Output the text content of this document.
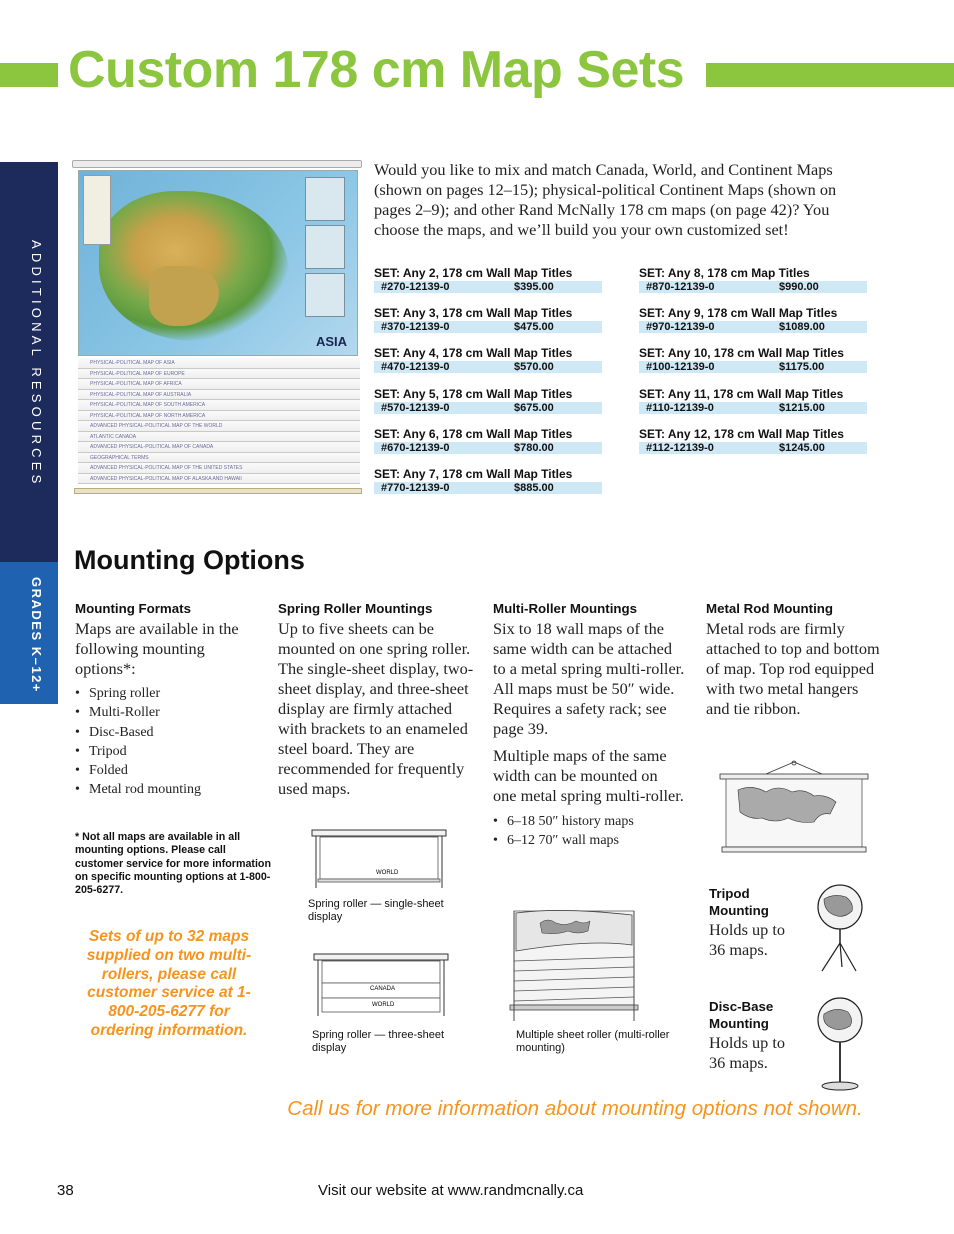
Custom 178 cm Map Sets
ADDITIONAL RESOURCES
GRADES K–12+
ASIA
PHYSICAL-POLITICAL MAP OF ASIA
PHYSICAL-POLITICAL MAP OF EUROPE
PHYSICAL-POLITICAL MAP OF AFRICA
PHYSICAL-POLITICAL MAP OF AUSTRALIA
PHYSICAL-POLITICAL MAP OF SOUTH AMERICA
PHYSICAL-POLITICAL MAP OF NORTH AMERICA
ADVANCED PHYSICAL-POLITICAL MAP OF THE WORLD
ATLANTIC CANADA
ADVANCED PHYSICAL-POLITICAL MAP OF CANADA
GEOGRAPHICAL TERMS
ADVANCED PHYSICAL-POLITICAL MAP OF THE UNITED STATES
ADVANCED PHYSICAL-POLITICAL MAP OF ALASKA AND HAWAII

Would you like to mix and match Canada, World, and Continent Maps (shown on pages 12–15); physical-political Continent Maps (shown on pages 2–9); and other Rand McNally 178 cm maps (on page 42)? You choose the maps, and we’ll build you your own customized set!

SET: Any 2, 178 cm Wall Map Titles
#270-12139-0	$395.00
SET: Any 3, 178 cm Wall Map Titles
#370-12139-0	$475.00
SET: Any 4, 178 cm Wall Map Titles
#470-12139-0	$570.00
SET: Any 5, 178 cm Wall Map Titles
#570-12139-0	$675.00
SET: Any 6, 178 cm Wall Map Titles
#670-12139-0	$780.00
SET: Any 7, 178 cm Wall Map Titles
#770-12139-0	$885.00
SET: Any 8, 178 cm Map Titles
#870-12139-0	$990.00
SET: Any 9, 178 cm Wall Map Titles
#970-12139-0	$1089.00
SET: Any 10, 178 cm Wall Map Titles
#100-12139-0	$1175.00
SET: Any 11, 178 cm Wall Map Titles
#110-12139-0	$1215.00
SET: Any 12, 178 cm Wall Map Titles
#112-12139-0	$1245.00
Mounting Options
Mounting Formats

Maps are available in the following mounting options*:

• Spring roller
• Multi-Roller
• Disc-Based
• Tripod
• Folded
• Metal rod mounting
* Not all maps are available in all mounting options. Please call customer service for more information on specific mounting options at 1-800-205-6277.
Sets of up to 32 maps supplied on two multi-rollers, please call customer service at 1-800-205-6277 for ordering information.
Spring Roller Mountings
Up to five sheets can be mounted on one spring roller. The single-sheet display, two-sheet display, and three-sheet display are firmly attached with brackets to an enameled steel board. They are recommended for frequently used maps.
WORLD
Spring roller — single-sheet display
CANADA
WORLD
Spring roller — three-sheet display
Multi-Roller Mountings

Six to 18 wall maps of the same width can be attached to a metal spring multi-roller. All maps must be 50″ wide. Requires a safety rack; see page 39.

Multiple maps of the same width can be mounted on one metal spring multi-roller.

• 6–18 50″ history maps
• 6–12 70″ wall maps
Multiple sheet roller (multi-roller mounting)
Metal Rod Mounting
Metal rods are firmly attached to top and bottom of map. Top rod equipped with two metal hangers and tie ribbon.
Tripod Mounting
Holds up to 36 maps.
Disc-Base Mounting
Holds up to 36 maps.
Call us for more information about mounting options not shown.
38	Visit our website at www.randmcnally.ca
